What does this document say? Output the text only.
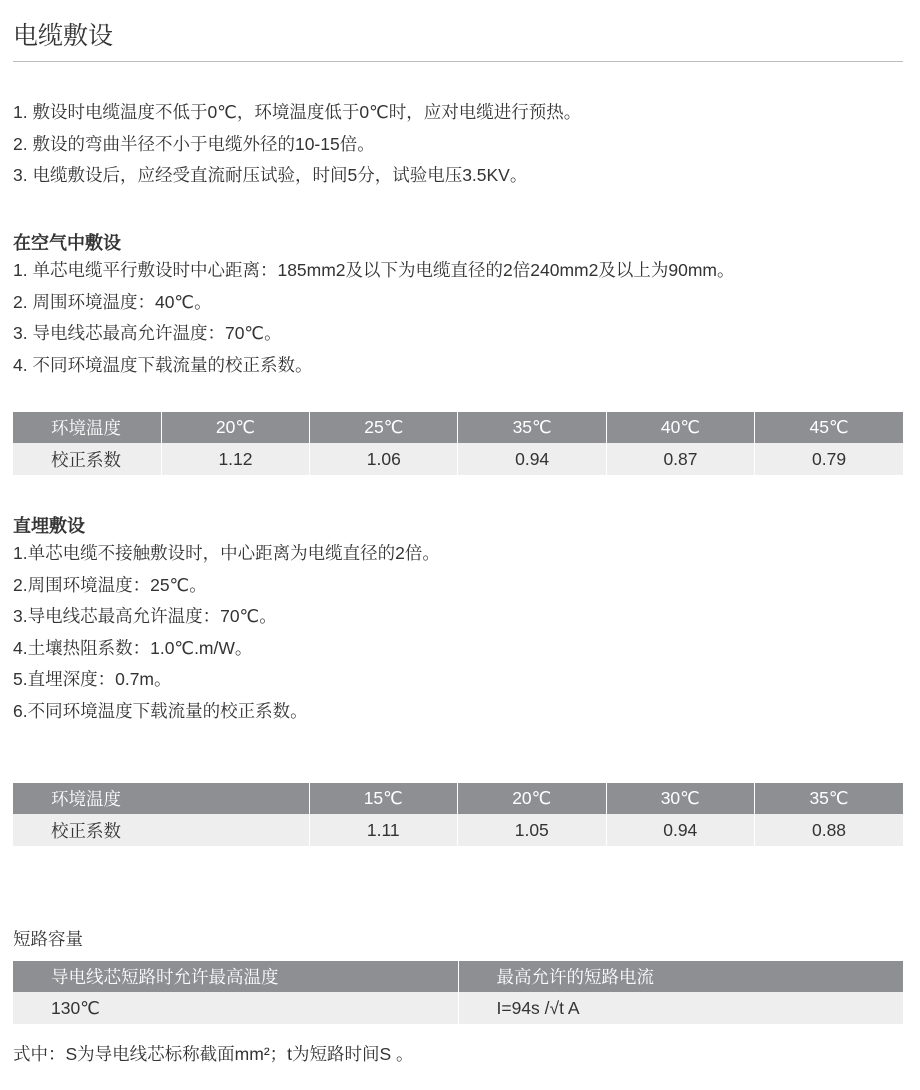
电缆敷设
1. 敷设时电缆温度不低于0℃，环境温度低于0℃时，应对电缆进行预热。
2. 敷设的弯曲半径不小于电缆外径的10-15倍。
3. 电缆敷设后，应经受直流耐压试验，时间5分，试验电压3.5KV。
在空气中敷设
1. 单芯电缆平行敷设时中心距离：185mm2及以下为电缆直径的2倍240mm2及以上为90mm。
2. 周围环境温度：40℃。
3. 导电线芯最高允许温度：70℃。
4. 不同环境温度下载流量的校正系数。
环境温度	20℃	25℃	35℃	40℃	45℃
校正系数	1.12	1.06	0.94	0.87	0.79
直埋敷设
1.单芯电缆不接触敷设时，中心距离为电缆直径的2倍。
2.周围环境温度：25℃。
3.导电线芯最高允许温度：70℃。
4.土壤热阻系数：1.0℃.m/W。
5.直埋深度：0.7m。
6.不同环境温度下载流量的校正系数。
环境温度	15℃	20℃	30℃	35℃
校正系数	1.11	1.05	0.94	0.88

短路容量

导电线芯短路时允许最高温度	最高允许的短路电流
130℃	I=94s /√t A

式中：S为导电线芯标称截面mm²；t为短路时间S 。
